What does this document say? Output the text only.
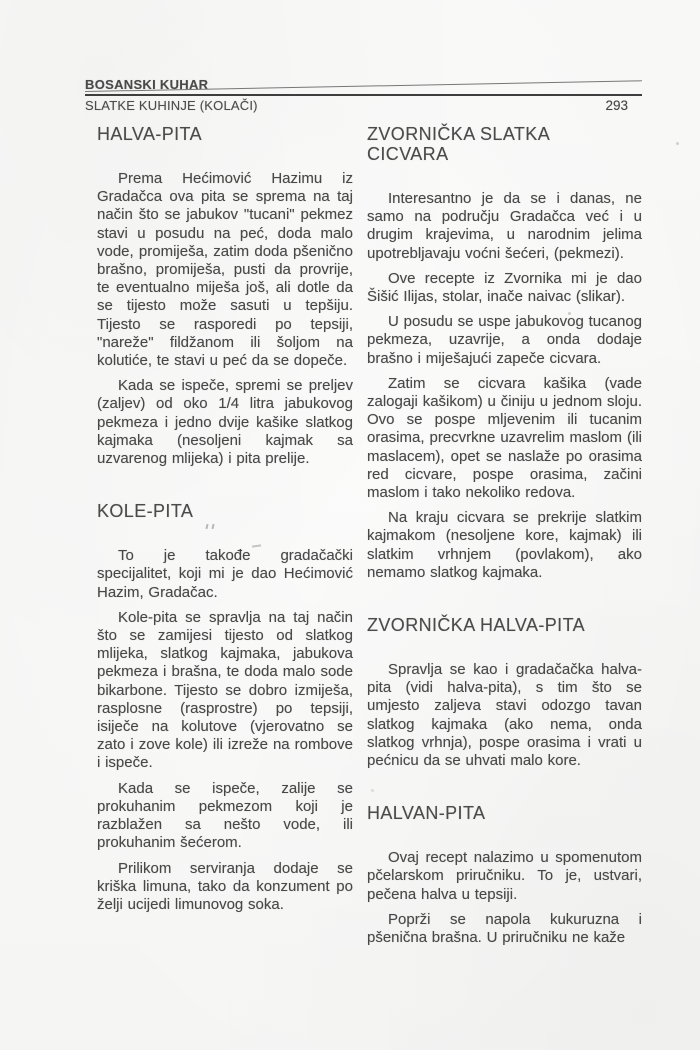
BOSANSKI KUHAR
SLATKE KUHINJE (KOLAČI)	293
HALVA-PITA

Prema Hećimović Hazimu iz Gradačca ova pita se sprema na taj način što se jabukov "tucani" pekmez stavi u posudu na peć, doda malo vode, promiješa, zatim doda pšenično brašno, promiješa, pusti da provrije, te eventualno miješa još, ali dotle da se tijesto može sasuti u tepšiju. Tijesto se rasporedi po tepsiji, "nareže" fildžanom ili šoljom na kolutiće, te stavi u peć da se dopeče.

Kada se ispeče, spremi se preljev (zaljev) od oko 1/4 litra jabukovog pekmeza i jedno dvije kašike slatkog kajmaka (nesoljeni kajmak sa uzvarenog mlijeka) i pita prelije.

KOLE-PITA

To je takođe gradačački specijalitet, koji mi je dao Hećimović Hazim, Gradačac.

Kole-pita se spravlja na taj način što se zamijesi tijesto od slatkog mlijeka, slatkog kajmaka, jabukova pekmeza i brašna, te doda malo sode bikarbone. Tijesto se dobro izmiješa, rasplosne (rasprostre) po tepsiji, isiječe na kolutove (vjerovatno se zato i zove kole) ili izreže na rombove i ispeče.

Kada se ispeče, zalije se prokuhanim pekmezom koji je razblažen sa nešto vode, ili prokuhanim šećerom.

Prilikom serviranja dodaje se kriška limuna, tako da konzument po želji ucijedi limunovog soka.

ZVORNIČKA SLATKA CICVARA

Interesantno je da se i danas, ne samo na području Gradačca već i u drugim krajevima, u narodnim jelima upotrebljavaju voćni šećeri, (pekmezi).

Ove recepte iz Zvornika mi je dao Šišić Ilijas, stolar, inače naivac (slikar).

U posudu se uspe jabukovog tucanog pekmeza, uzavrije, a onda dodaje brašno i miješajući zapeče cicvara.

Zatim se cicvara kašika (vade zalogaji kašikom) u činiju u jednom sloju. Ovo se pospe mljevenim ili tucanim orasima, precvrkne uzavrelim maslom (ili maslacem), opet se naslaže po orasima red cicvare, pospe orasima, začini maslom i tako nekoliko redova.

Na kraju cicvara se prekrije slatkim kajmakom (nesoljene kore, kajmak) ili slatkim vrhnjem (povlakom), ako nemamo slatkog kajmaka.

ZVORNIČKA HALVA-PITA

Spravlja se kao i gradačačka halva-pita (vidi halva-pita), s tim što se umjesto zaljeva stavi odozgo tavan slatkog kajmaka (ako nema, onda slatkog vrhnja), pospe orasima i vrati u pećnicu da se uhvati malo kore.

HALVAN-PITA

Ovaj recept nalazimo u spomenutom pčelarskom priručniku. To je, ustvari, pečena halva u tepsiji.

Poprži se napola kukuruzna i pšenična brašna. U priručniku ne kaže
